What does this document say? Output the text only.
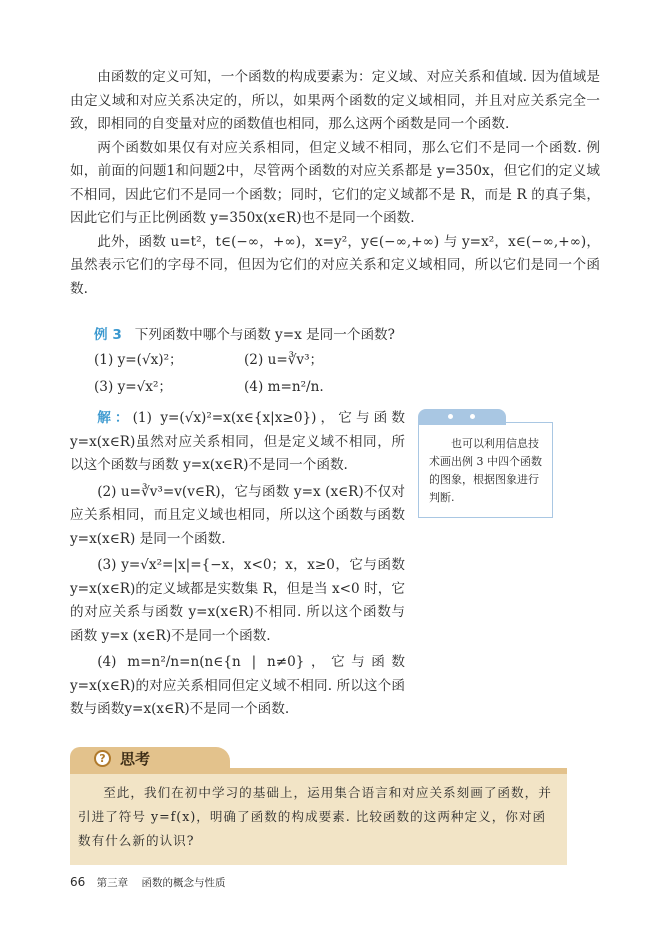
由函数的定义可知，一个函数的构成要素为：定义域、对应关系和值域. 因为值域是由定义域和对应关系决定的，所以，如果两个函数的定义域相同，并且对应关系完全一致，即相同的自变量对应的函数值也相同，那么这两个函数是同一个函数.
两个函数如果仅有对应关系相同，但定义域不相同，那么它们不是同一个函数. 例如，前面的问题1和问题2中，尽管两个函数的对应关系都是 y=350x，但它们的定义域不相同，因此它们不是同一个函数；同时，它们的定义域都不是 R，而是 R 的真子集，因此它们与正比例函数 y=350x(x∈R)也不是同一个函数.
此外，函数 u=t²，t∈(−∞，+∞)，x=y²，y∈(−∞,+∞) 与 y=x²，x∈(−∞,+∞)，虽然表示它们的字母不同，但因为它们的对应关系和定义域相同，所以它们是同一个函数.
例 3 下列函数中哪个与函数 y=x 是同一个函数?
(1) y=(√x)²；	(2) u=∛v³；
(3) y=√x²；	(4) m=n²/n.
解：(1) y=(√x)²=x(x∈{x|x≥0})，它与函数y=x(x∈R)虽然对应关系相同，但是定义域不相同，所以这个函数与函数 y=x(x∈R)不是同一个函数.
(2) u=∛v³=v(v∈R)，它与函数 y=x (x∈R)不仅对应关系相同，而且定义域也相同，所以这个函数与函数 y=x(x∈R) 是同一个函数.
(3) y=√x²=|x|={−x，x<0；x，x≥0，它与函数y=x(x∈R)的定义域都是实数集 R，但是当 x<0 时，它的对应关系与函数 y=x(x∈R)不相同. 所以这个函数与函数 y=x (x∈R)不是同一个函数.
(4) m=n²/n=n(n∈{n | n≠0}，它与函数y=x(x∈R)的对应关系相同但定义域不相同. 所以这个函数与函数y=x(x∈R)不是同一个函数.
也可以利用信息技术画出例 3 中四个函数的图象，根据图象进行判断.
? 思考
至此，我们在初中学习的基础上，运用集合语言和对应关系刻画了函数，并引进了符号 y=f(x)，明确了函数的构成要素. 比较函数的这两种定义，你对函数有什么新的认识?
66 第三章 函数的概念与性质
